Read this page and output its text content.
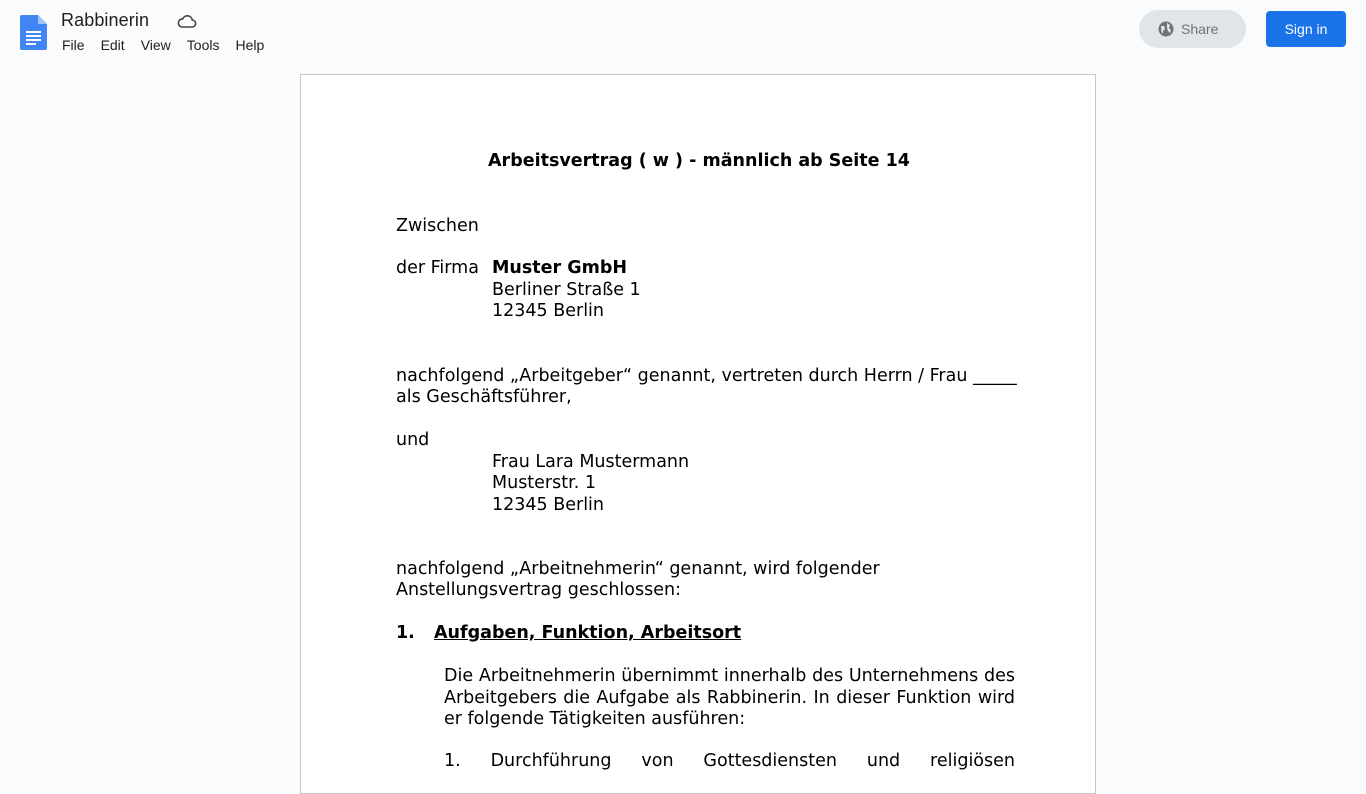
Rabbinerin
File Edit View Tools Help
Share	Sign in
Arbeitsvertrag ( w ) - männlich ab Seite 14
Zwischen
der Firma Muster GmbH
Berliner Straße 1
12345 Berlin
nachfolgend „Arbeitgeber“ genannt, vertreten durch Herrn / Frau _____
als Geschäftsführer,
und
Frau Lara Mustermann
Musterstr. 1
12345 Berlin
nachfolgend „Arbeitnehmerin“ genannt, wird folgender
Anstellungsvertrag geschlossen:
1. Aufgaben, Funktion, Arbeitsort
Die Arbeitnehmerin übernimmt innerhalb des Unternehmens des
Arbeitgebers die Aufgabe als Rabbinerin. In dieser Funktion wird
er folgende Tätigkeiten ausführen:
1. Durchführung von Gottesdiensten und religiösen
